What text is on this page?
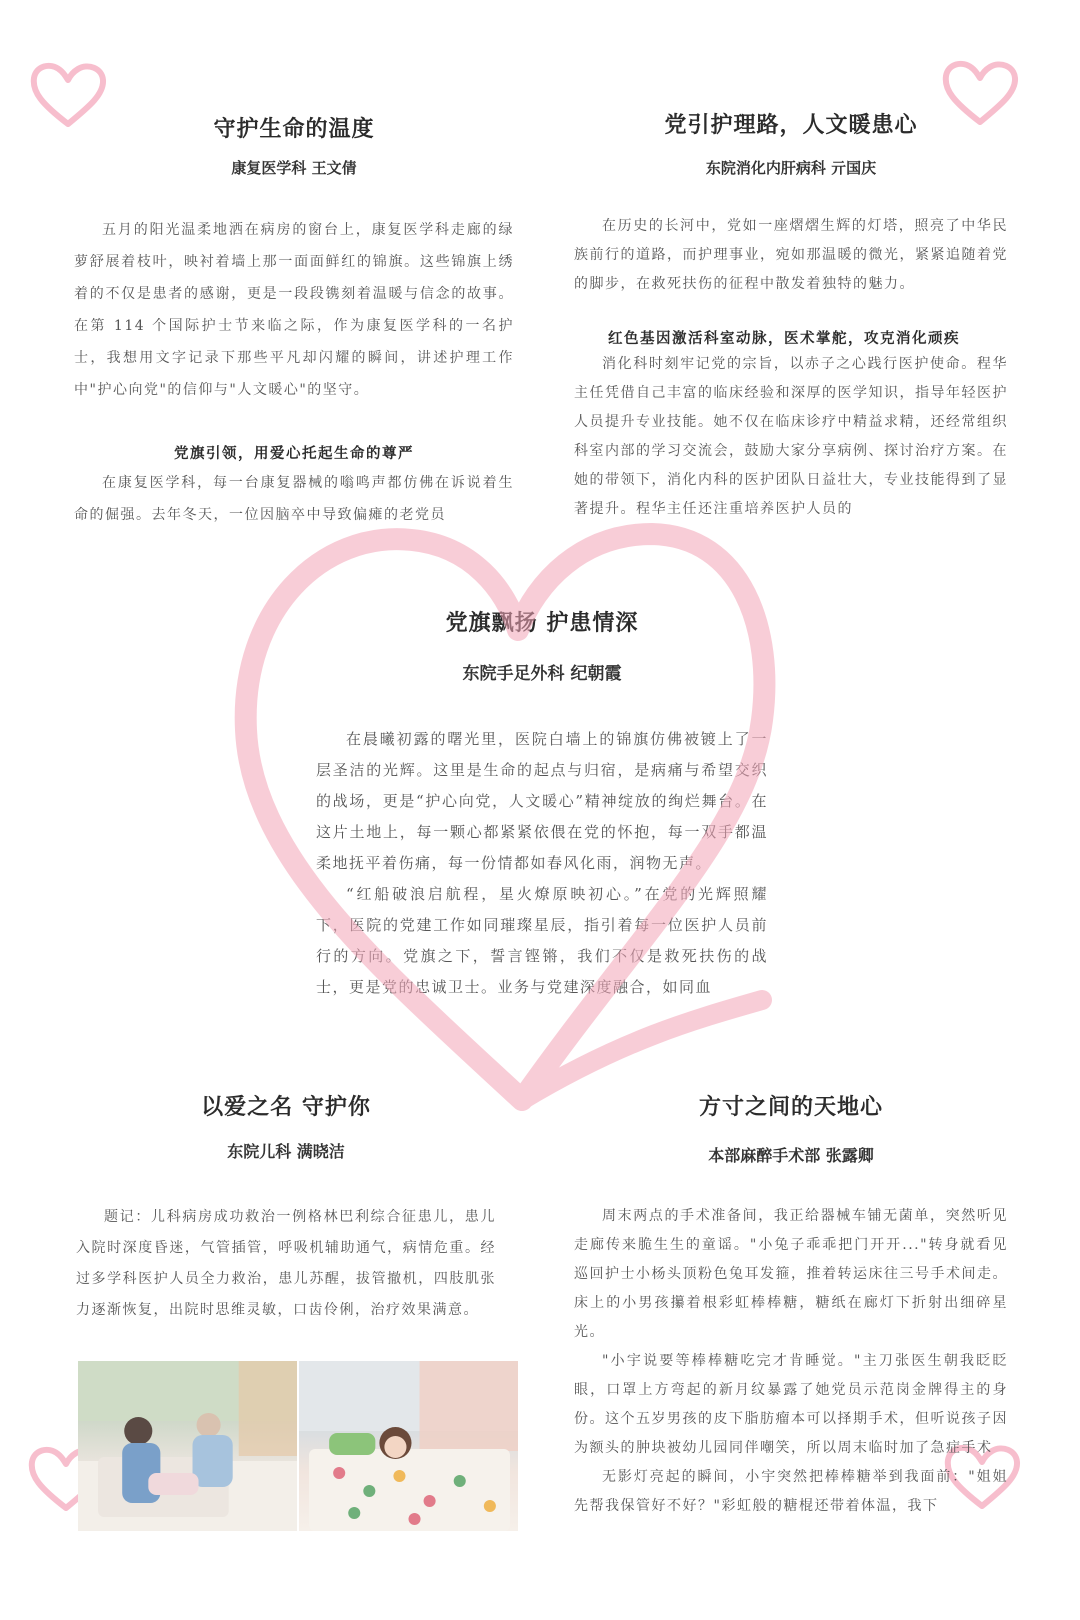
守护生命的温度
康复医学科 王文倩

五月的阳光温柔地洒在病房的窗台上，康复医学科走廊的绿萝舒展着枝叶，映衬着墙上那一面面鲜红的锦旗。这些锦旗上绣着的不仅是患者的感谢，更是一段段镌刻着温暖与信念的故事。在第 114 个国际护士节来临之际，作为康复医学科的一名护士，我想用文字记录下那些平凡却闪耀的瞬间，讲述护理工作中"护心向党"的信仰与"人文暖心"的坚守。

党旗引领，用爱心托起生命的尊严

在康复医学科，每一台康复器械的嗡鸣声都仿佛在诉说着生命的倔强。去年冬天，一位因脑卒中导致偏瘫的老党员

党引护理路，人文暖患心
东院消化内肝病科 亓国庆

在历史的长河中，党如一座熠熠生辉的灯塔，照亮了中华民族前行的道路，而护理事业，宛如那温暖的微光，紧紧追随着党的脚步，在救死扶伤的征程中散发着独特的魅力。

红色基因激活科室动脉，医术掌舵，攻克消化顽疾

消化科时刻牢记党的宗旨，以赤子之心践行医护使命。程华主任凭借自己丰富的临床经验和深厚的医学知识，指导年轻医护人员提升专业技能。她不仅在临床诊疗中精益求精，还经常组织科室内部的学习交流会，鼓励大家分享病例、探讨治疗方案。在她的带领下，消化内科的医护团队日益壮大，专业技能得到了显著提升。程华主任还注重培养医护人员的

党旗飘扬 护患情深
东院手足外科 纪朝霞

在晨曦初露的曙光里，医院白墙上的锦旗仿佛被镀上了一层圣洁的光辉。这里是生命的起点与归宿，是病痛与希望交织的战场，更是“护心向党，人文暖心”精神绽放的绚烂舞台。在这片土地上，每一颗心都紧紧依偎在党的怀抱，每一双手都温柔地抚平着伤痛，每一份情都如春风化雨，润物无声。

“红船破浪启航程，星火燎原映初心。”在党的光辉照耀下，医院的党建工作如同璀璨星辰，指引着每一位医护人员前行的方向。党旗之下，誓言铿锵，我们不仅是救死扶伤的战士，更是党的忠诚卫士。业务与党建深度融合，如同血

以爱之名 守护你
东院儿科 满晓洁

题记：儿科病房成功救治一例格林巴利综合征患儿，患儿入院时深度昏迷，气管插管，呼吸机辅助通气，病情危重。经过多学科医护人员全力救治，患儿苏醒，拔管撤机，四肢肌张力逐渐恢复，出院时思维灵敏，口齿伶俐，治疗效果满意。

方寸之间的天地心
本部麻醉手术部 张露卿

周末两点的手术准备间，我正给器械车铺无菌单，突然听见走廊传来脆生生的童谣。"小兔子乖乖把门开开..."转身就看见巡回护士小杨头顶粉色兔耳发箍，推着转运床往三号手术间走。床上的小男孩攥着根彩虹棒棒糖，糖纸在廊灯下折射出细碎星光。

"小宇说要等棒棒糖吃完才肯睡觉。"主刀张医生朝我眨眨眼，口罩上方弯起的新月纹暴露了她党员示范岗金牌得主的身份。这个五岁男孩的皮下脂肪瘤本可以择期手术，但听说孩子因为额头的肿块被幼儿园同伴嘲笑，所以周末临时加了急症手术

无影灯亮起的瞬间，小宇突然把棒棒糖举到我面前："姐姐先帮我保管好不好？"彩虹般的糖棍还带着体温，我下
